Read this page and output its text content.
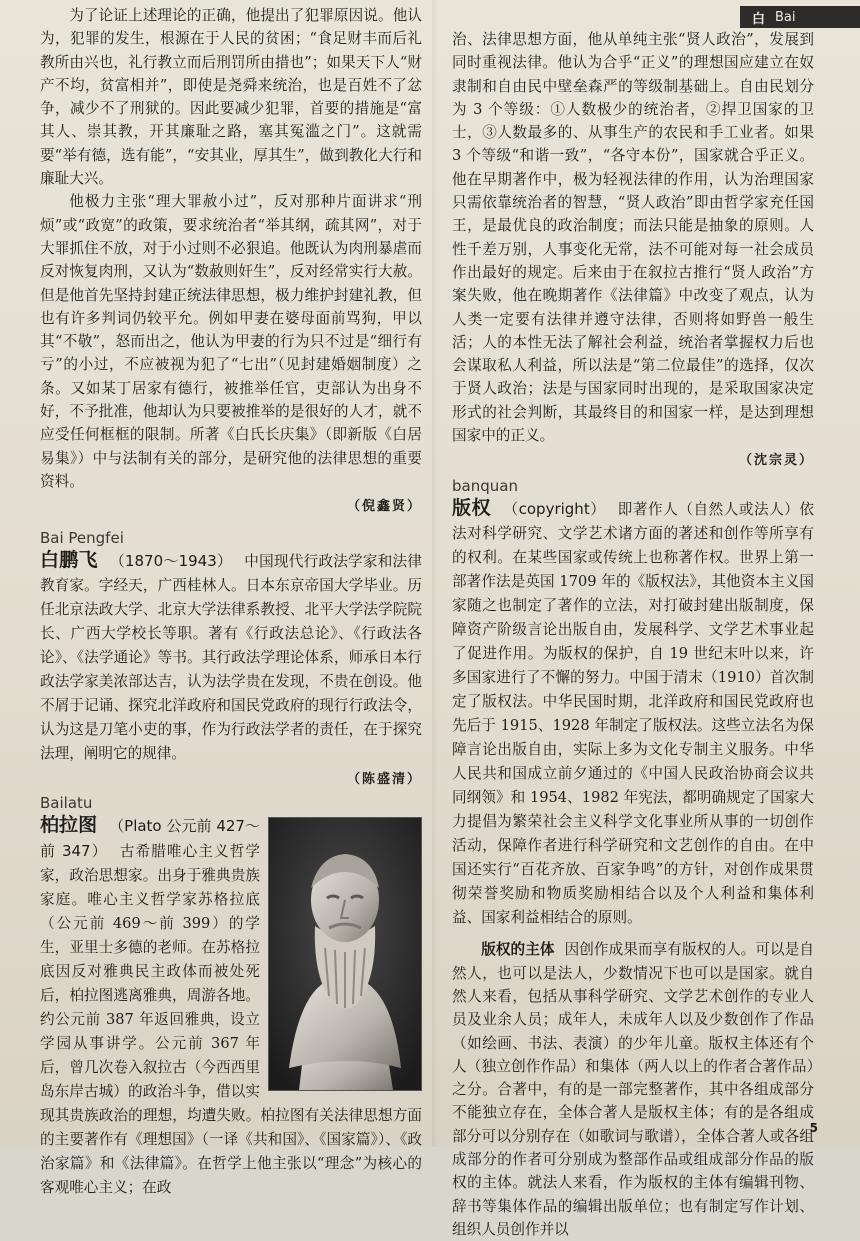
白 Bai

为了论证上述理论的正确，他提出了犯罪原因说。他认为，犯罪的发生，根源在于人民的贫困；“食足财丰而后礼教所由兴也，礼行教立而后刑罚所由措也”；如果天下人“财产不均，贫富相并”，即使是尧舜来统治，也是百姓不了忿争，减少不了刑狱的。因此要减少犯罪，首要的措施是“富其人、崇其教，开其廉耻之路，塞其冤滥之门”。这就需要“举有德，选有能”，“安其业，厚其生”，做到教化大行和廉耻大兴。

他极力主张“理大罪赦小过”，反对那种片面讲求“刑烦”或“政宽”的政策，要求统治者“举其纲，疏其网”，对于大罪抓住不放，对于小过则不必狠追。他既认为肉刑暴虐而反对恢复肉刑，又认为“数赦则奸生”，反对经常实行大赦。但是他首先坚持封建正统法律思想，极力维护封建礼教，但也有许多判词仍较平允。例如甲妻在婆母面前骂狗，甲以其“不敬”，怒而出之，他认为甲妻的行为只不过是“细行有亏”的小过，不应被视为犯了“七出”（见封建婚姻制度）之条。又如某丁居家有德行，被推举任官，吏部认为出身不好，不予批准，他却认为只要被推举的是很好的人才，就不应受任何框框的限制。所著《白氏长庆集》（即新版《白居易集》）中与法制有关的部分，是研究他的法律思想的重要资料。

（倪鑫贤）
Bai Pengfei

白鹏飞 （1870～1943） 中国现代行政法学家和法律教育家。字经天，广西桂林人。日本东京帝国大学毕业。历任北京法政大学、北京大学法律系教授、北平大学法学院院长、广西大学校长等职。著有《行政法总论》、《行政法各论》、《法学通论》等书。其行政法学理论体系，师承日本行政法学家美浓部达吉，认为法学贵在发现，不贵在创设。他不屑于记诵、探究北洋政府和国民党政府的现行行政法令，认为这是刀笔小吏的事，作为行政法学者的责任，在于探究法理，阐明它的规律。

（陈盛清）
Bailatu

柏拉图 （Plato 公元前 427～前 347） 古希腊唯心主义哲学家，政治思想家。出身于雅典贵族家庭。唯心主义哲学家苏格拉底（公元前 469～前 399）的学生，亚里士多德的老师。在苏格拉底因反对雅典民主政体而被处死后，柏拉图逃离雅典，周游各地。约公元前 387 年返回雅典，设立学园从事讲学。公元前 367 年后，曾几次卷入叙拉古（今西西里岛东岸古城）的政治斗争，借以实现其贵族政治的理想，均遭失败。柏拉图有关法律思想方面的主要著作有《理想国》（一译《共和国》、《国家篇》）、《政治家篇》和《法律篇》。在哲学上他主张以“理念”为核心的客观唯心主义；在政

治、法律思想方面，他从单纯主张“贤人政治”，发展到同时重视法律。他认为合乎“正义”的理想国应建立在奴隶制和自由民中壁垒森严的等级制基础上。自由民划分为 3 个等级：①人数极少的统治者，②捍卫国家的卫士，③人数最多的、从事生产的农民和手工业者。如果 3 个等级“和谐一致”，“各守本份”，国家就合乎正义。他在早期著作中，极为轻视法律的作用，认为治理国家只需依靠统治者的智慧，“贤人政治”即由哲学家充任国王，是最优良的政治制度；而法只能是抽象的原则。人性千差万别，人事变化无常，法不可能对每一社会成员作出最好的规定。后来由于在叙拉古推行“贤人政治”方案失败，他在晚期著作《法律篇》中改变了观点，认为人类一定要有法律并遵守法律，否则将如野兽一般生活；人的本性无法了解社会利益，统治者掌握权力后也会谋取私人利益，所以法是“第二位最佳”的选择，仅次于贤人政治；法是与国家同时出现的，是采取国家决定形式的社会判断，其最终目的和国家一样，是达到理想国家中的正义。

（沈宗灵）
banquan

版权 （copyright） 即著作人（自然人或法人）依法对科学研究、文学艺术诸方面的著述和创作等所享有的权利。在某些国家或传统上也称著作权。世界上第一部著作法是英国 1709 年的《版权法》，其他资本主义国家随之也制定了著作的立法，对打破封建出版制度，保障资产阶级言论出版自由，发展科学、文学艺术事业起了促进作用。为版权的保护，自 19 世纪末叶以来，许多国家进行了不懈的努力。中国于清末（1910）首次制定了版权法。中华民国时期，北洋政府和国民党政府也先后于 1915、1928 年制定了版权法。这些立法名为保障言论出版自由，实际上多为文化专制主义服务。中华人民共和国成立前夕通过的《中国人民政治协商会议共同纲领》和 1954、1982 年宪法，都明确规定了国家大力提倡为繁荣社会主义科学文化事业所从事的一切创作活动，保障作者进行科学研究和文艺创作的自由。在中国还实行“百花齐放、百家争鸣”的方针，对创作成果贯彻荣誉奖励和物质奖励相结合以及个人利益和集体利益、国家利益相结合的原则。

版权的主体 因创作成果而享有版权的人。可以是自然人，也可以是法人，少数情况下也可以是国家。就自然人来看，包括从事科学研究、文学艺术创作的专业人员及业余人员；成年人，未成年人以及少数创作了作品（如绘画、书法、表演）的少年儿童。版权主体还有个人（独立创作作品）和集体（两人以上的作者合著作品）之分。合著中，有的是一部完整著作，其中各组成部分不能独立存在，全体合著人是版权主体；有的是各组成部分可以分别存在（如歌词与歌谱），全体合著人或各组成部分的作者可分别成为整部作品或组成部分作品的版权的主体。就法人来看，作为版权的主体有编辑刊物、辞书等集体作品的编辑出版单位；也有制定写作计划、组织人员创作并以

5
